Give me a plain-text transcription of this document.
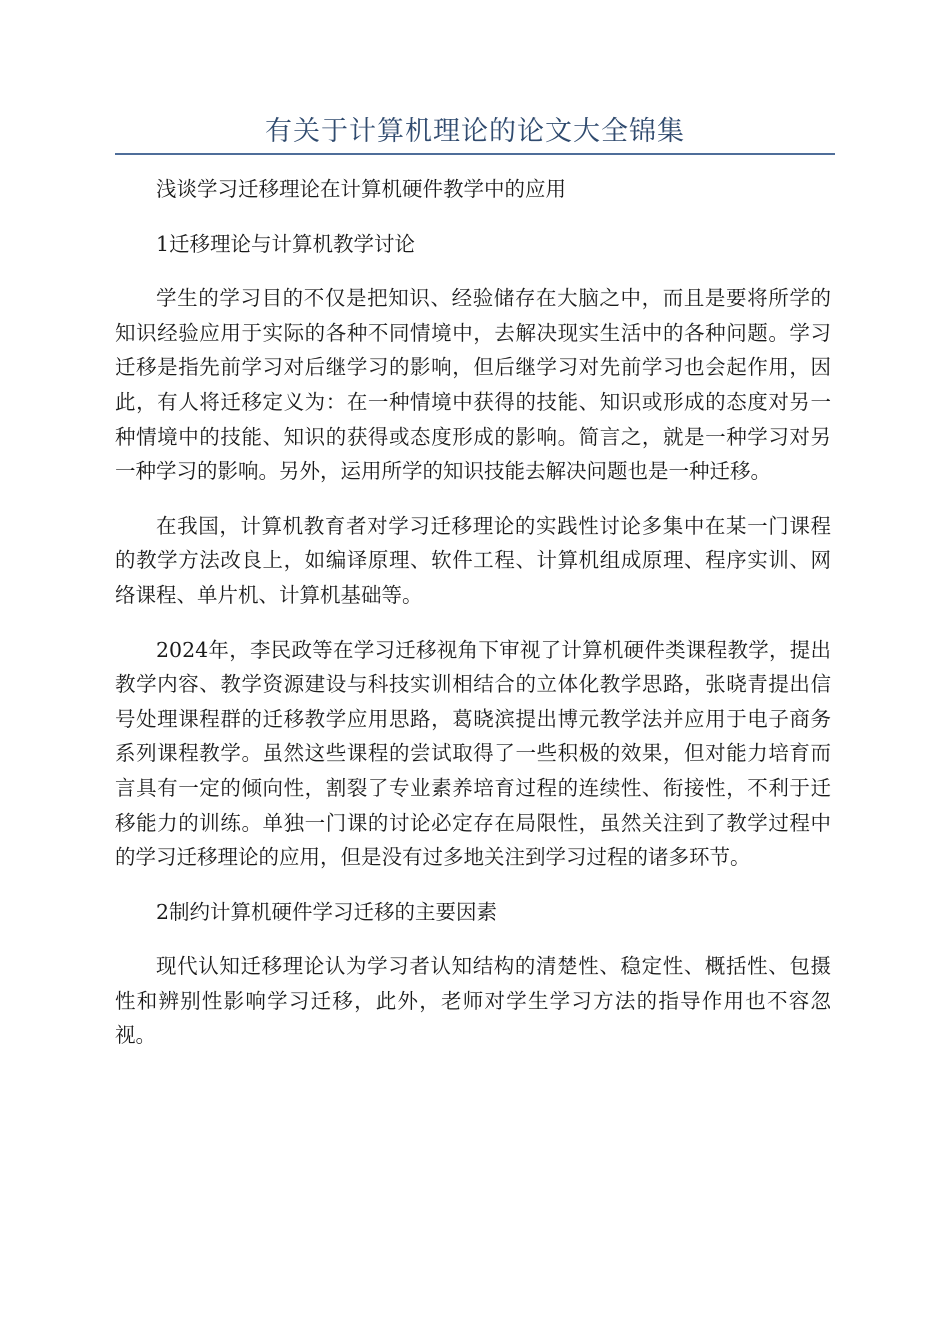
有关于计算机理论的论文大全锦集

浅谈学习迁移理论在计算机硬件教学中的应用

1迁移理论与计算机教学讨论

学生的学习目的不仅是把知识、经验储存在大脑之中，而且是要将所学的知识经验应用于实际的各种不同情境中，去解决现实生活中的各种问题。学习迁移是指先前学习对后继学习的影响，但后继学习对先前学习也会起作用，因此，有人将迁移定义为：在一种情境中获得的技能、知识或形成的态度对另一种情境中的技能、知识的获得或态度形成的影响。简言之，就是一种学习对另一种学习的影响。另外，运用所学的知识技能去解决问题也是一种迁移。

在我国，计算机教育者对学习迁移理论的实践性讨论多集中在某一门课程的教学方法改良上，如编译原理、软件工程、计算机组成原理、程序实训、网络课程、单片机、计算机基础等。

2024年，李民政等在学习迁移视角下审视了计算机硬件类课程教学，提出教学内容、教学资源建设与科技实训相结合的立体化教学思路，张晓青提出信号处理课程群的迁移教学应用思路，葛晓滨提出博元教学法并应用于电子商务系列课程教学。虽然这些课程的尝试取得了一些积极的效果，但对能力培育而言具有一定的倾向性，割裂了专业素养培育过程的连续性、衔接性，不利于迁移能力的训练。单独一门课的讨论必定存在局限性，虽然关注到了教学过程中的学习迁移理论的应用，但是没有过多地关注到学习过程的诸多环节。

2制约计算机硬件学习迁移的主要因素

现代认知迁移理论认为学习者认知结构的清楚性、稳定性、概括性、包摄性和辨别性影响学习迁移，此外，老师对学生学习方法的指导作用也不容忽视。
